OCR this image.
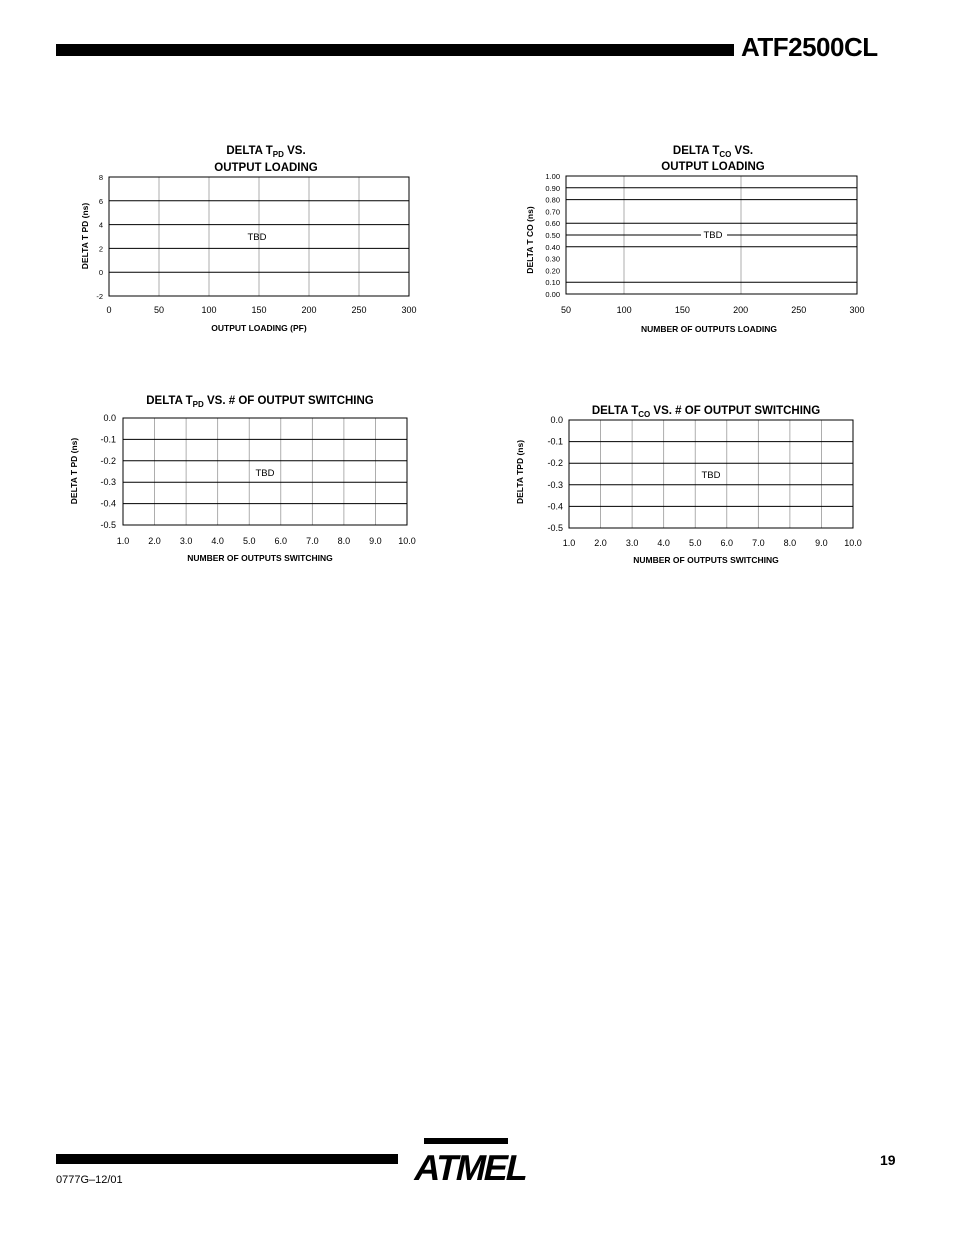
ATF2500CL
DELTA $T_{PD}$ VS.
OUTPUT LOADING
8
6
4
2
0
-2
0	50	100	150	200	250	300
OUTPUT LOADING (PF)
DELTA T PD (ns)	TBD
DELTA $T_{CO}$ VS.
OUTPUT LOADING
1.00
0.90
0.80
0.70
0.60
0.50
0.40
0.30
0.20
0.10
0.00
50	100	150	200	250	300
NUMBER OF OUTPUTS LOADING
DELTA T CO (ns)	TBD
DELTA $T_{PD}$ VS. # OF OUTPUT SWITCHING
0.0
-0.1
-0.2
-0.3
-0.4
-0.5
1.0 2.0 3.0 4.0 5.0 6.0 7.0 8.0 9.0 10.0
NUMBER OF OUTPUTS SWITCHING
DELTA T PD (ns)	TBD
DELTA $T_{CO}$ VS. # OF OUTPUT SWITCHING
0.0
-0.1
-0.2
-0.3
-0.4
-0.5
1.0 2.0 3.0 4.0 5.0 6.0 7.0 8.0 9.0 10.0
NUMBER OF OUTPUTS SWITCHING
DELTA TPD (ns)	TBD
0777G–12/01
19
ATMEL
